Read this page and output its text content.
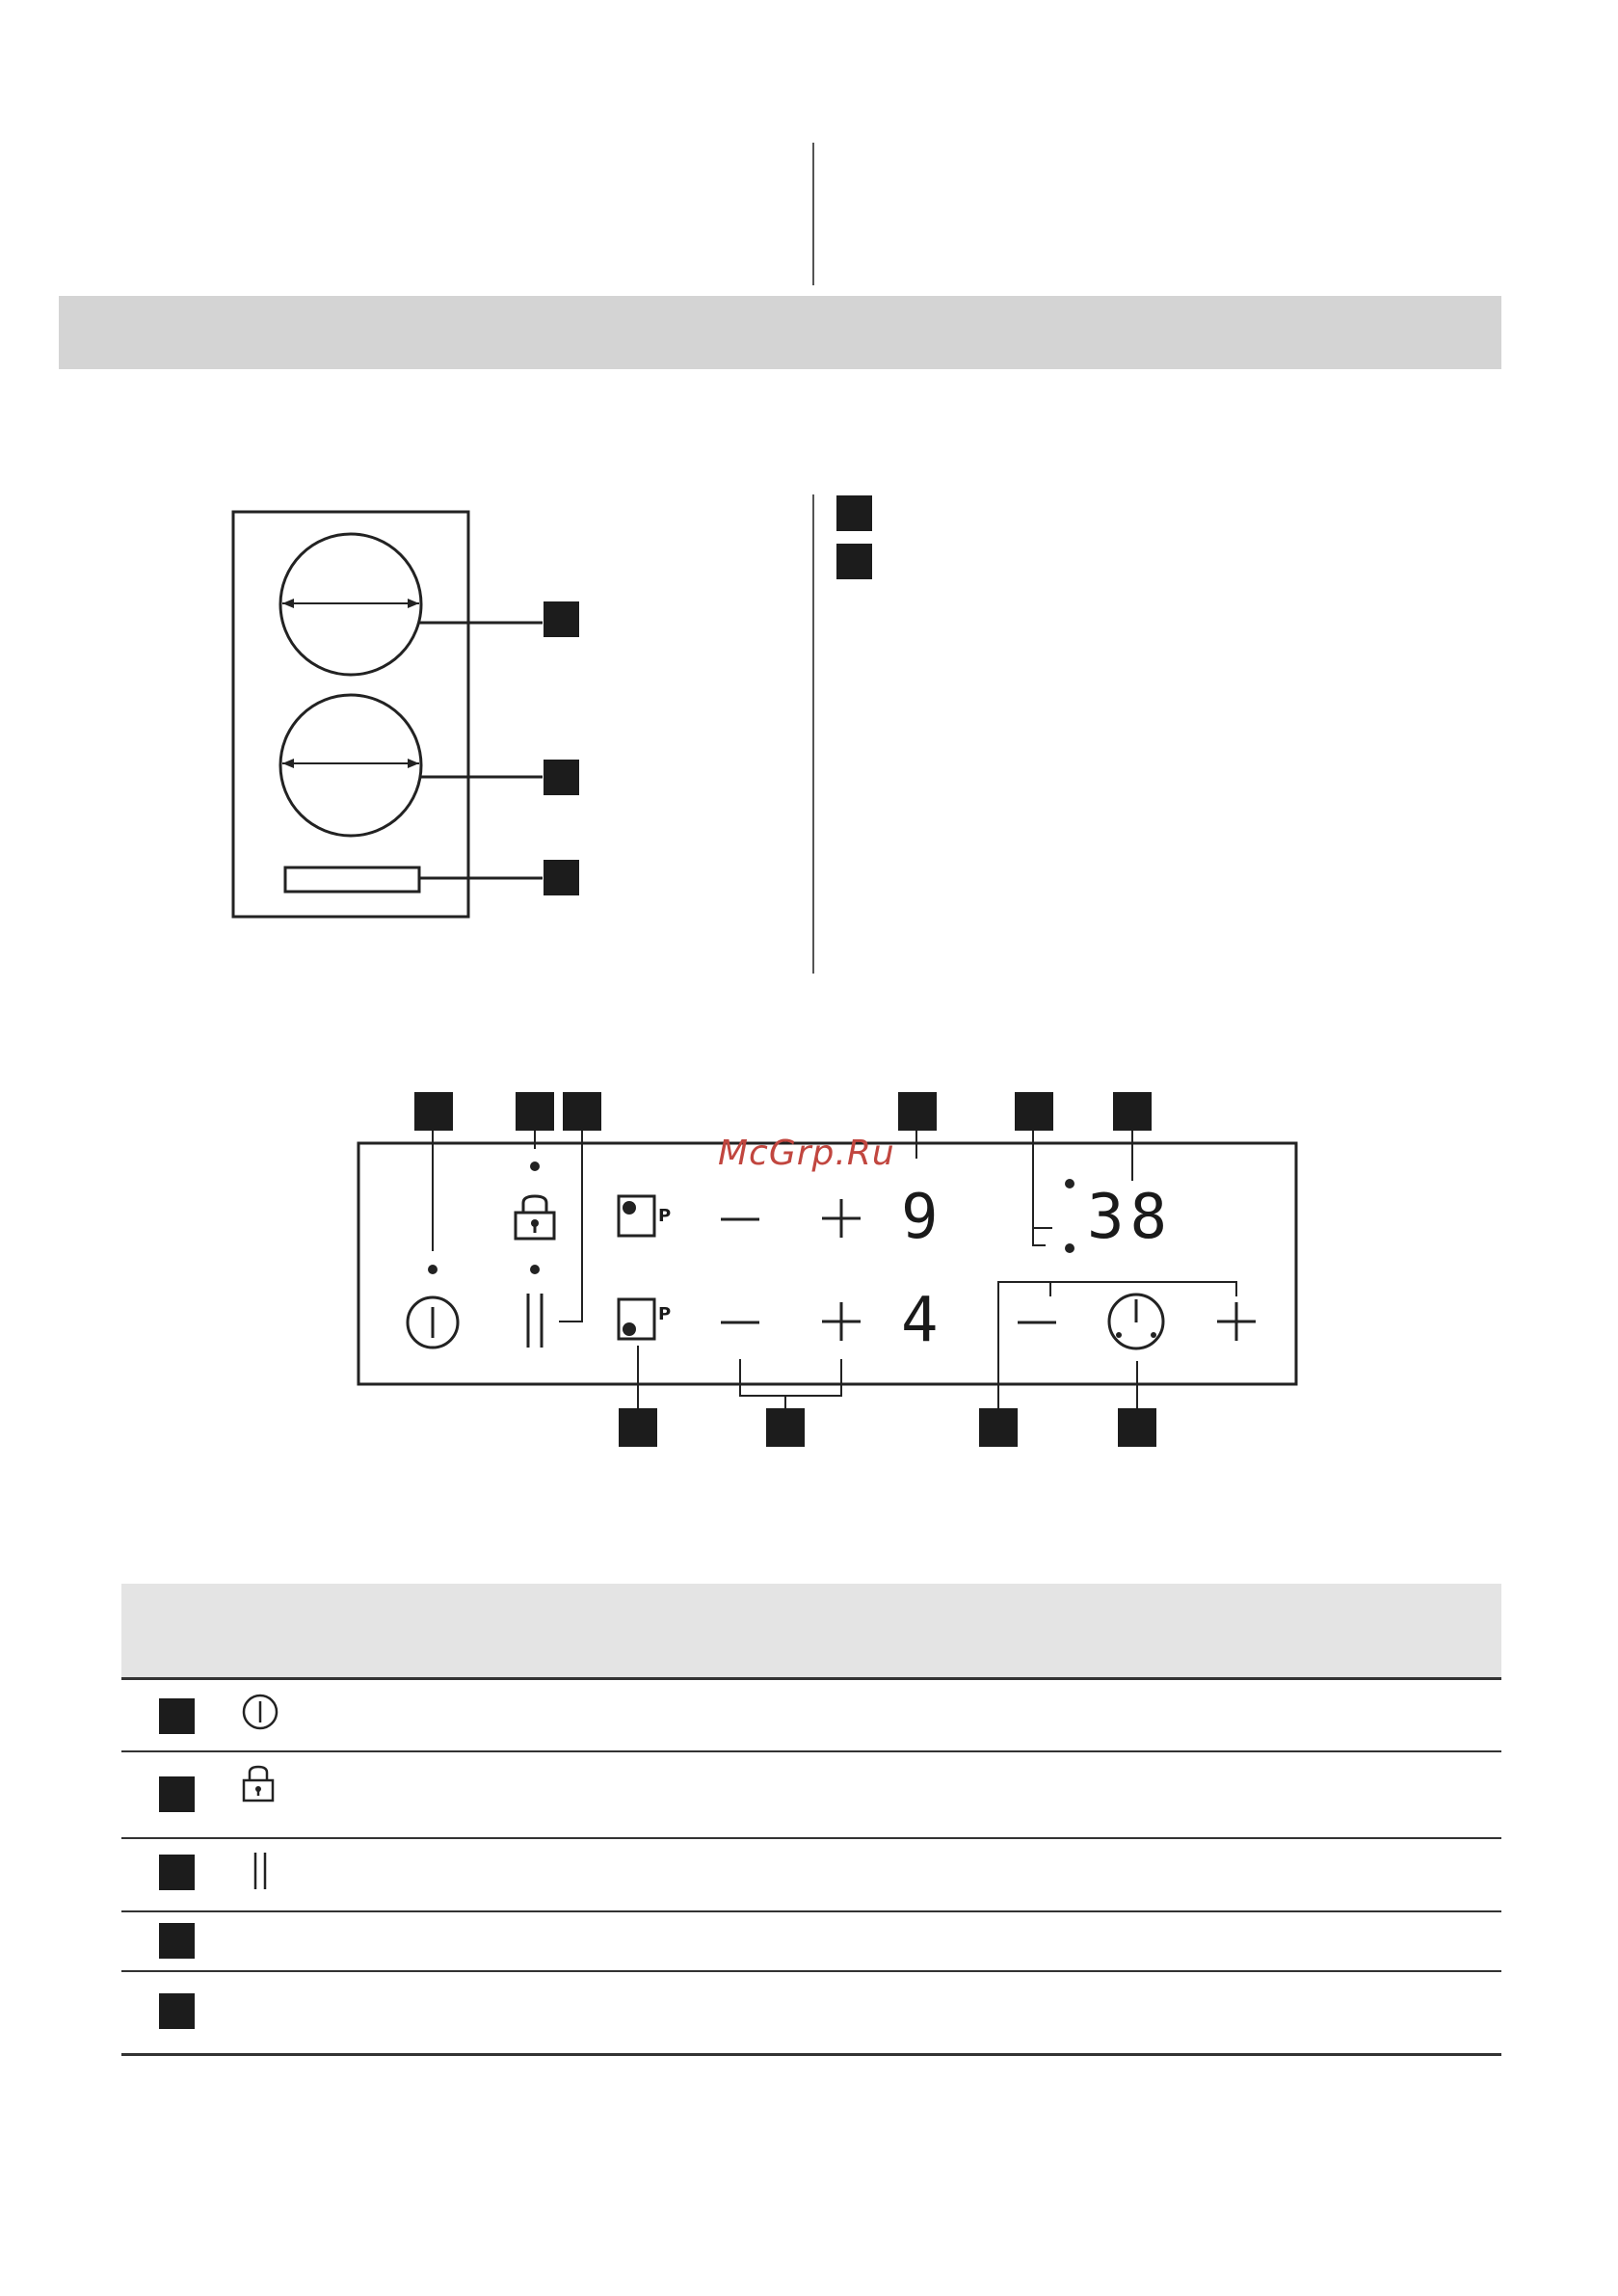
P
P
9
4
38
McGrp.Ru
